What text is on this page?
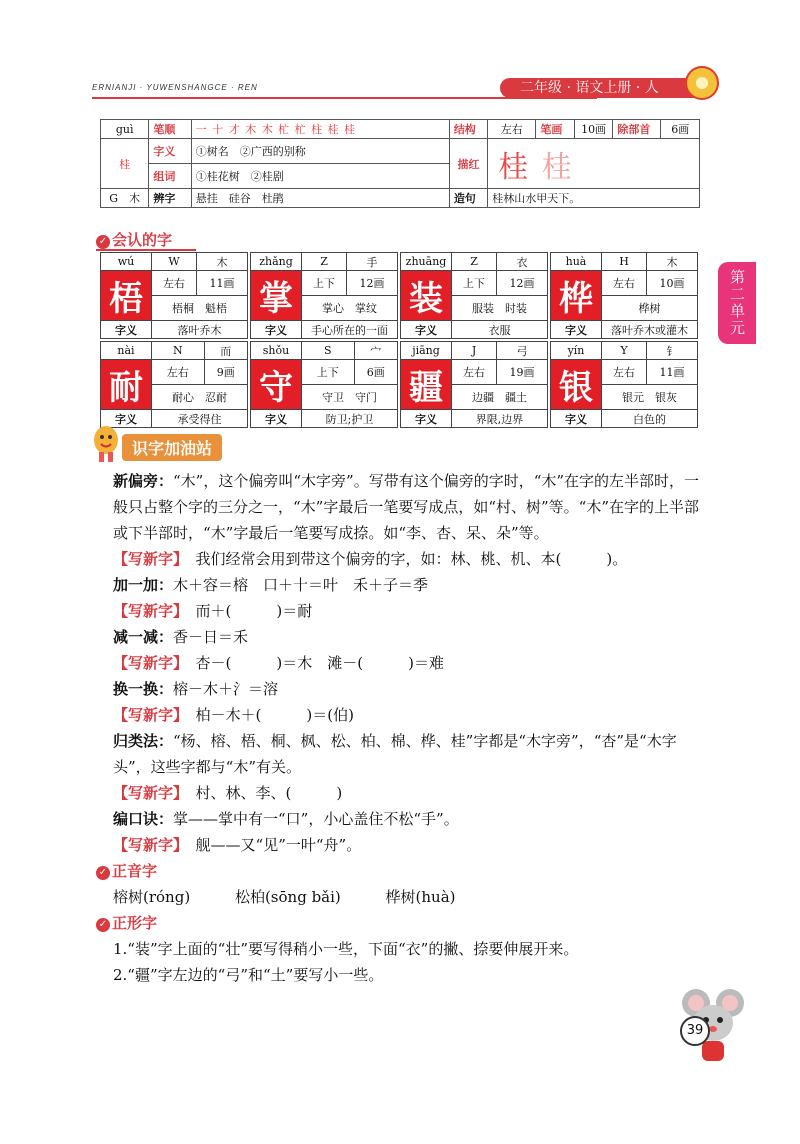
ERNIANJI · YUWENSHANGCE · REN	二年级 · 语文上册 · 人
第二单元
guì	笔顺	一 十 才 木 木 杧 杧 柱 桂 桂	结构	左右	笔画	10画	除部首	6画
桂	字义	①树名　②广西的别称	描红	桂 桂				
	组词	①桂花树　②桂剧						
G　 木	辨字	悬挂　硅谷　杜鹃	造句	桂林山水甲天下。				
✓ 会认的字
wú	W	木
梧	左右	11画
	梧桐　魁梧	
字义	落叶乔木	
zhǎng	Z	手
掌	上下	12画
	掌心　掌纹	
字义	手心所在的一面	
zhuāng	Z	衣
装	上下	12画
	服装　时装	
字义	衣服	
huà	H	木
桦	左右	10画
	桦树	
字义	落叶乔木或灌木	
nài	N	而
耐	左右	9画
	耐心　忍耐	
字义	承受得住	
shǒu	S	宀
守	上下	6画
	守卫　守门	
字义	防卫;护卫	
jiāng	J	弓
疆	左右	19画
	边疆　疆土	
字义	界限,边界	
yín	Y	钅
银	左右	11画
	银元　银灰	
字义	白色的	
识字加油站
新偏旁：“木”，这个偏旁叫“木字旁”。写带有这个偏旁的字时，“木”在字的左半部时，一般只占整个字的三分之一，“木”字最后一笔要写成点，如“村、树”等。“木”在字的上半部或下半部时，“木”字最后一笔要写成捺。如“李、杏、呆、朵”等。
【写新字】　 我们经常会用到带这个偏旁的字，如：林、桃、机、本(　　　)。
加一加：木＋容＝榕　口＋十＝叶　禾＋子＝季
【写新字】　 而＋(　　　)＝耐
减一减：香－日＝禾
【写新字】　 杏－(　　　)＝木　滩－(　　　)＝难
换一换：榕－木＋氵＝溶
【写新字】　 柏－木＋(　　　)＝(伯)
归类法：“杨、榕、梧、桐、枫、松、柏、棉、桦、桂”字都是“木字旁”，“杏”是“木字头”，这些字都与“木”有关。
【写新字】　 村、林、李、(　　　)
编口诀：掌——掌中有一“口”，小心盖住不松“手”。
【写新字】　 舰——又“见”一叶“舟”。
✓ 正音字
榕树(róng)	松柏(sōng bǎi)	桦树(huà)
✓ 正形字
1.“装”字上面的“壮”要写得稍小一些，下面“衣”的撇、捺要伸展开来。
2.“疆”字左边的“弓”和“土”要写小一些。
39
